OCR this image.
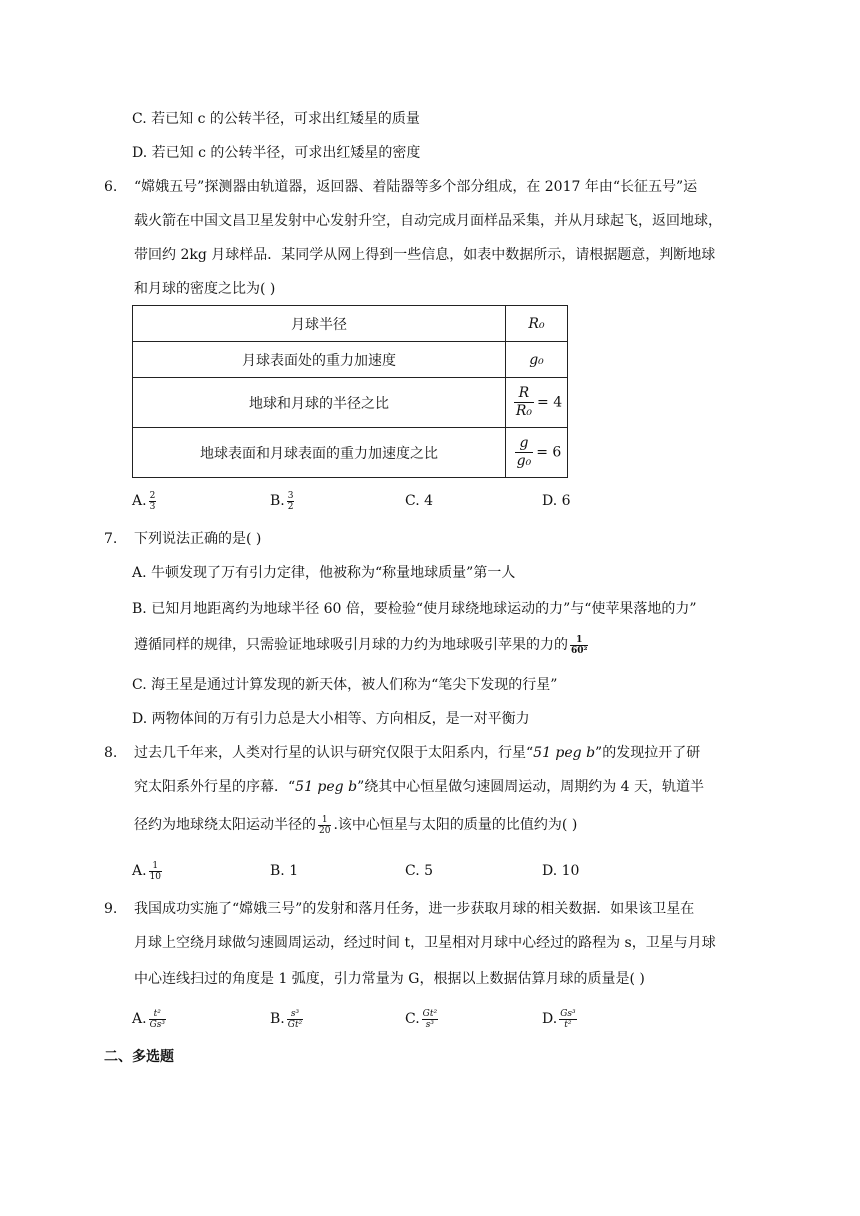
C. 若已知 c 的公转半径，可求出红矮星的质量
D. 若已知 c 的公转半径，可求出红矮星的密度
6. “嫦娥五号”探测器由轨道器，返回器、着陆器等多个部分组成，在 2017 年由“长征五号”运
载火箭在中国文昌卫星发射中心发射升空，自动完成月面样品采集，并从月球起飞，返回地球，
带回约 2kg 月球样品．某同学从网上得到一些信息，如表中数据所示，请根据题意，判断地球
和月球的密度之比为( )
月球半径	R₀
月球表面处的重力加速度	g₀
地球和月球的半径之比	$\frac{R}{\text{R₀}} = 4$
地球表面和月球表面的重力加速度之比	$\frac{g}{\text{g₀}} = 6$
A. $\frac{2}{3}$	B. $\frac{3}{2}$	C. 4	D. 6
7. 下列说法正确的是( )
A. 牛顿发现了万有引力定律，他被称为“称量地球质量”第一人
B. 已知月地距离约为地球半径 60 倍，要检验“使月球绕地球运动的力”与“使苹果落地的力”
遵循同样的规律，只需验证地球吸引月球的力约为地球吸引苹果的力的 $\frac{1}{\text{60²}}$
C. 海王星是通过计算发现的新天体，被人们称为“笔尖下发现的行星”
D. 两物体间的万有引力总是大小相等、方向相反，是一对平衡力
8. 过去几千年来，人类对行星的认识与研究仅限于太阳系内，行星“51 peg b”的发现拉开了研
究太阳系外行星的序幕．“51 peg b”绕其中心恒星做匀速圆周运动，周期约为 4 天，轨道半
径约为地球绕太阳运动半径的 $\frac{1}{20}$ .该中心恒星与太阳的质量的比值约为( )
A. $\frac{1}{10}$	B. 1	C. 5	D. 10
9. 我国成功实施了“嫦娥三号”的发射和落月任务，进一步获取月球的相关数据．如果该卫星在
月球上空绕月球做匀速圆周运动，经过时间 t，卫星相对月球中心经过的路程为 s，卫星与月球
中心连线扫过的角度是 1 弧度，引力常量为 G，根据以上数据估算月球的质量是( )
A. $\frac{\text{t²}}{\text{Gs³}}$	B. $\frac{\text{s³}}{\text{Gt²}}$	C. $\frac{\text{Gt²}}{\text{s³}}$	D. $\frac{\text{Gs³}}{\text{t²}}$
二、多选题
